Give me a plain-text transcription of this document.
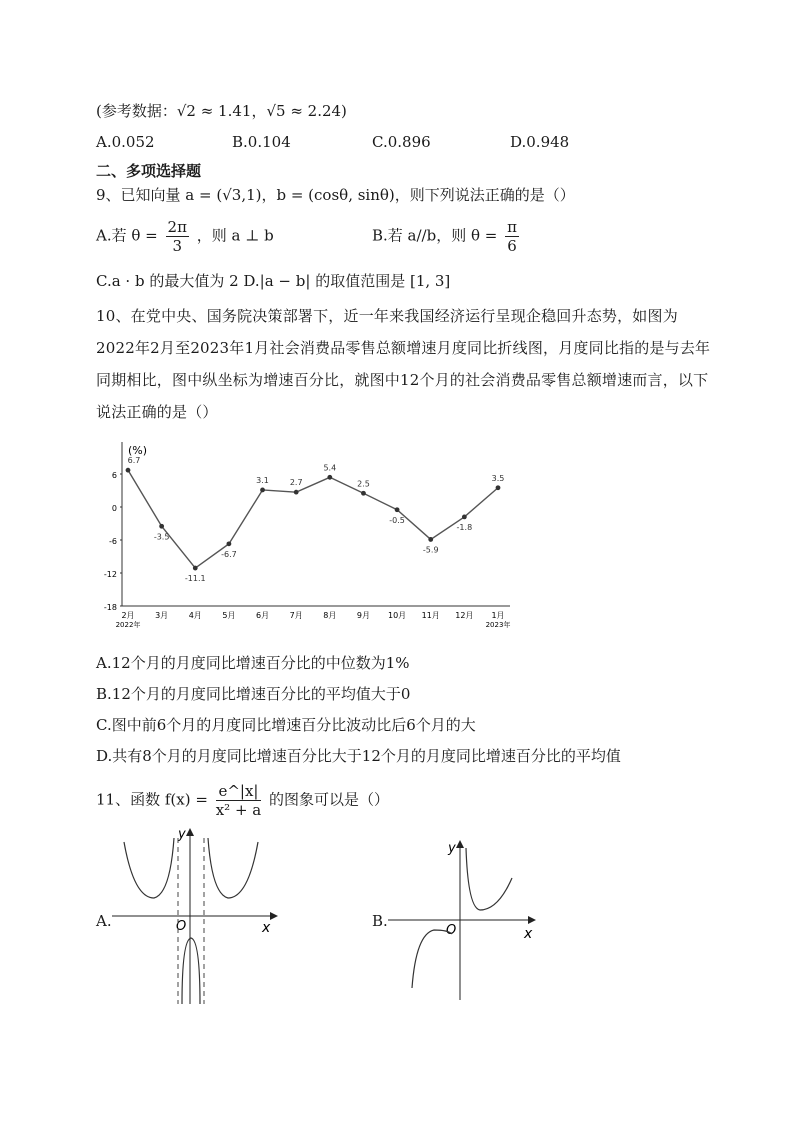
(参考数据：√2 ≈ 1.41，√5 ≈ 2.24)
A.0.052	B.0.104	C.0.896	D.0.948
二、多项选择题
9、已知向量 a = (√3,1)，b = (cosθ, sinθ)，则下列说法正确的是（）
A.若 $\theta = \frac{2\pi}{3}$ ，则 a ⊥ b	B.若 a//b，则 $\theta = \frac{\pi}{6}$
C.a · b 的最大值为 2 D.|a − b| 的取值范围是 [1, 3]
10、在党中央、国务院决策部署下，近一年来我国经济运行呈现企稳回升态势，如图为2022年2月至2023年1月社会消费品零售总额增速月度同比折线图，月度同比指的是与去年同期相比，图中纵坐标为增速百分比，就图中12个月的社会消费品零售总额增速而言，以下说法正确的是（）
(%)
6
0
-6
-12
-18
2月	3月	4月	5月	6月	7月	8月	9月 10月 11月 12月 1月
2022年	2023年
6.7
-3.5
-11.1
-6.7
3.1	2.7
5.4
2.5
-0.5
-5.9
-1.8
3.5
A.12个月的月度同比增速百分比的中位数为1%
B.12个月的月度同比增速百分比的平均值大于0
C.图中前6个月的月度同比增速百分比波动比后6个月的大
D.共有8个月的月度同比增速百分比大于12个月的月度同比增速百分比的平均值
11、函数 $f(x) = \frac{e\^{}|x|}{\text{x² + a}}$ 的图象可以是（）
A.
y
x
O	B.
y
x
O
